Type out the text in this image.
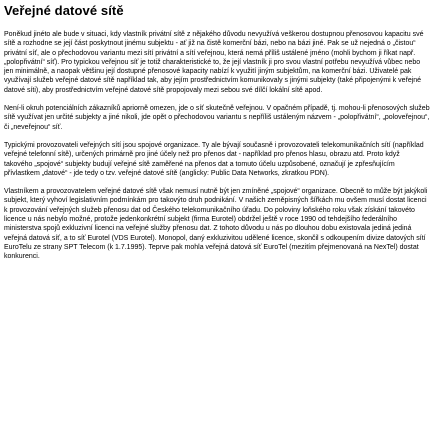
Veřejné datové sítě

Poněkud jinéto ale bude v situaci, kdy vlastník privátní sítě z nějakého důvodu nevyužívá veškerou dostupnou přenosovou kapacitu své sítě a rozhodne se její část poskytnout jinému subjektu - ať již na čistě komerční bázi, nebo na bázi jiné. Pak se už nejedná o „čistou“ privátní síť, ale o přechodovou variantu mezi sítí privátní a sítí veřejnou, která nemá příliš ustálené jméno (mohli bychom ji říkat např. „polopřivátní“ síť). Pro typickou veřejnou síť je totiž charakteristické to, že její vlastník ji pro svou vlastní potřebu nevyužívá vůbec nebo jen minimálně, a naopak většinu její dostupné přenosové kapacity nabízí k využití jiným subjektům, na komerční bázi. Uživatelé pak využívají služeb veřejné datové sítě například tak, aby jejím prostřednictvím komunikovaly s jinými subjekty (také připojenými k veřejné datové síti), aby prostřednictvím veřejné datové sítě propojovaly mezi sebou své dílčí lokální sítě apod.

Není-li okruh potenciálních zákazníků apriorně omezen, jde o síť skutečně veřejnou. V opačném případě, tj. mohou-li přenosových služeb sítě využívat jen určité subjekty a jiné nikoli, jde opět o přechodovou variantu s nepříliš ustáleným názvem - „polopřivátní“, „poloveřejnou“, či „neveřejnou“ síť.

Typickými provozovateli veřejných sítí jsou spojové organizace. Ty ale bývají současně i provozovateli telekomunikačních sítí (například veřejné telefonní sítě), určených primárně pro jiné účely než pro přenos dat - například pro přenos hlasu, obrazu atd. Proto když takového „spojové“ subjekty budují veřejné sítě zaměřené na přenos dat a tomuto účelu uzpůsobené, označují je zpřesňujícím přívlastkem „datové“ - jde tedy o tzv. veřejné datové sítě (anglicky: Public Data Networks, zkratkou PDN).

Vlastníkem a provozovatelem veřejné datové sítě však nemusí nutně být jen zmíněné „spojové“ organizace. Obecně to může být jakýkoli subjekt, který vyhoví legislativním podmínkám pro takovýto druh podnikání. V našich zeměpisných šířkách mu ovšem musí dostat licenci k provozování veřejných služeb přenosu dat od Českého telekomunikačního úřadu. Do poloviny loňského roku však získání takovéto licence u nás nebylo možné, protože jedenkonkrétní subjekt (firma Eurotel) obdržel ještě v roce 1990 od tehdejšího federálního ministerstva spojů exkluzivní licenci na veřejné služby přenosu dat. Z tohoto důvodu u nás po dlouhou dobu existovala jediná jediná veřejná datová síť, a to síť Eurotel (VDS Eurotel). Monopol, daný exkluzivitou udělené licence, skončil s odkoupením divize datových sítí EuroTelu ze strany SPT Telecom (k 1.7.1995). Teprve pak mohla veřejná datová síť EuroTel (mezitím přejmenovaná na NexTel) dostat konkurenci.
